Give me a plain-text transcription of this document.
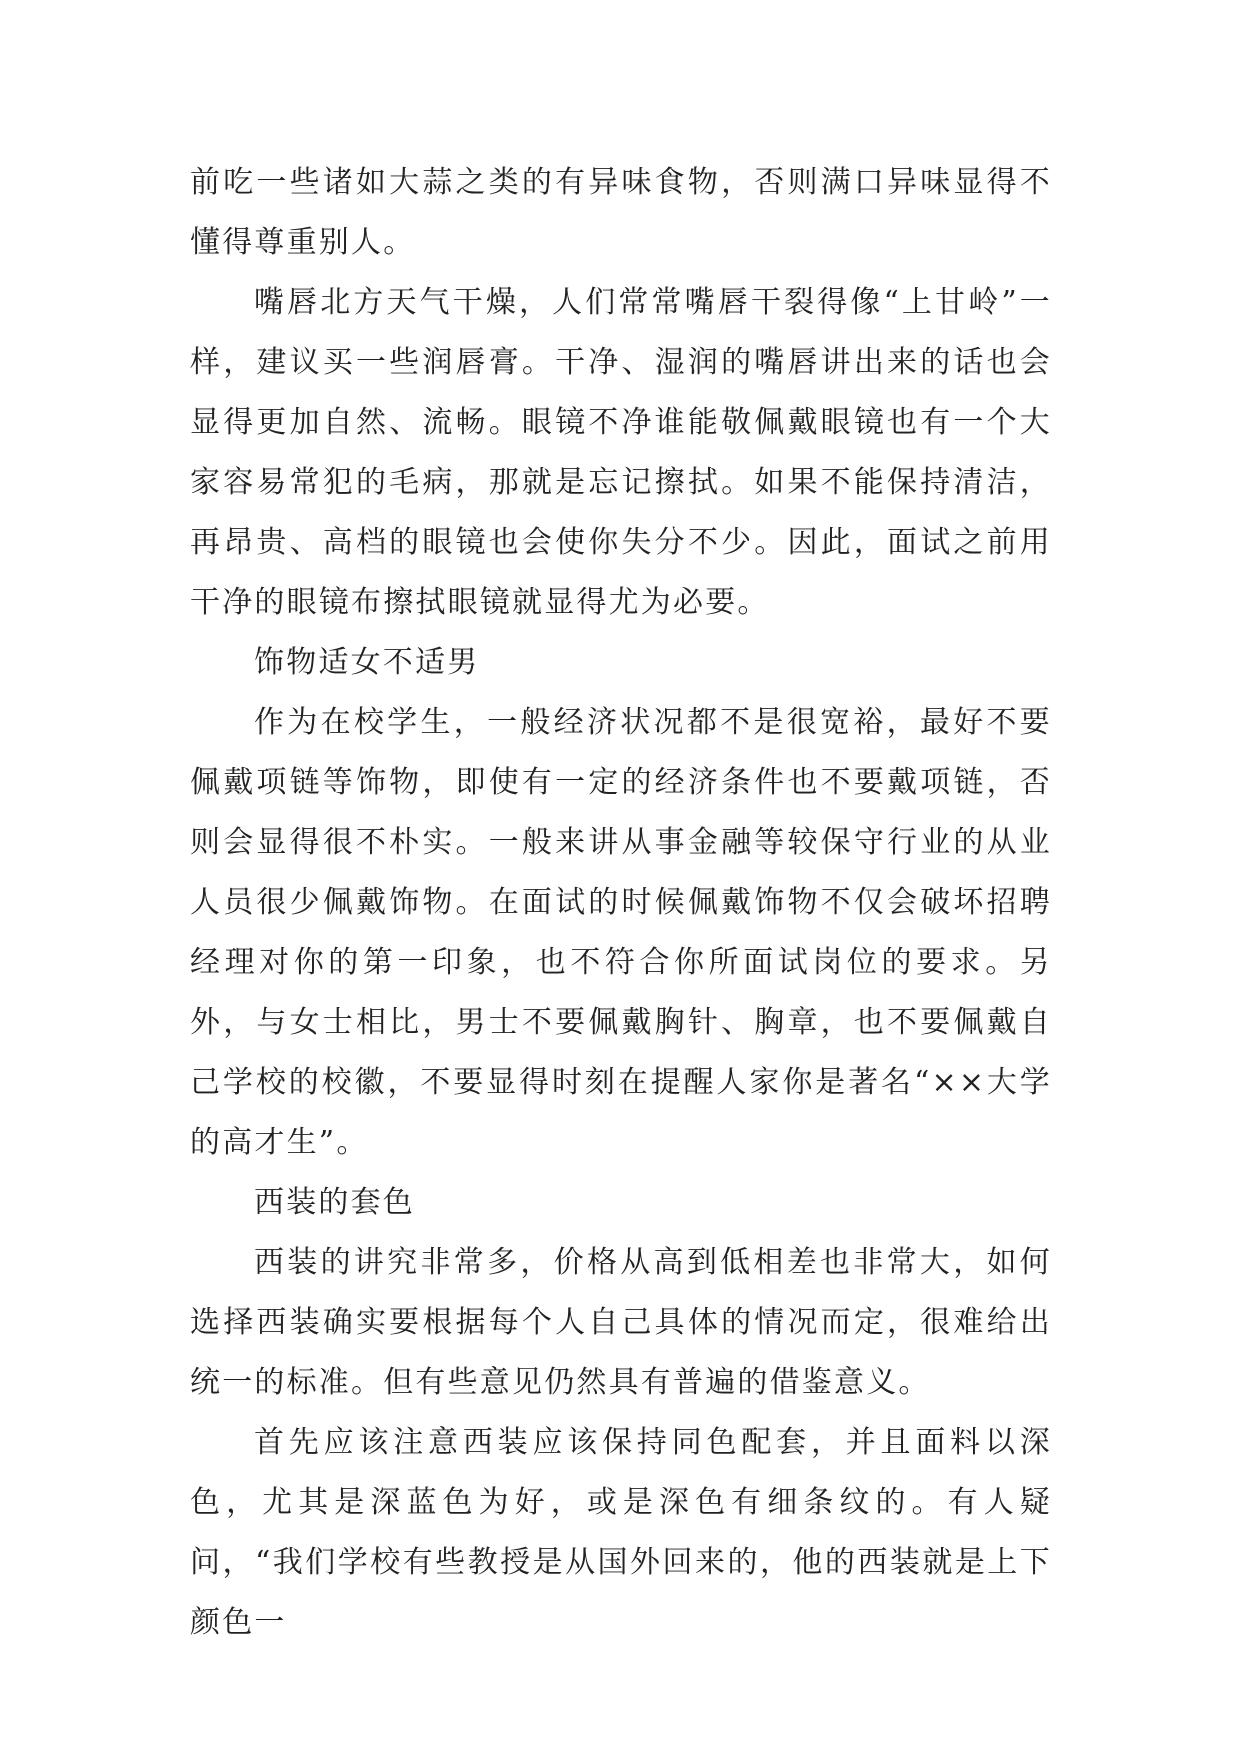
前吃一些诸如大蒜之类的有异味食物，否则满口异味显得不懂得尊重别人。

嘴唇北方天气干燥，人们常常嘴唇干裂得像“上甘岭”一样，建议买一些润唇膏。干净、湿润的嘴唇讲出来的话也会显得更加自然、流畅。眼镜不净谁能敬佩戴眼镜也有一个大家容易常犯的毛病，那就是忘记擦拭。如果不能保持清洁，再昂贵、高档的眼镜也会使你失分不少。因此，面试之前用干净的眼镜布擦拭眼镜就显得尤为必要。

饰物适女不适男

作为在校学生，一般经济状况都不是很宽裕，最好不要佩戴项链等饰物，即使有一定的经济条件也不要戴项链，否则会显得很不朴实。一般来讲从事金融等较保守行业的从业人员很少佩戴饰物。在面试的时候佩戴饰物不仅会破坏招聘经理对你的第一印象，也不符合你所面试岗位的要求。另外，与女士相比，男士不要佩戴胸针、胸章，也不要佩戴自己学校的校徽，不要显得时刻在提醒人家你是著名“××大学的高才生”。

西装的套色

西装的讲究非常多，价格从高到低相差也非常大，如何选择西装确实要根据每个人自己具体的情况而定，很难给出统一的标准。但有些意见仍然具有普遍的借鉴意义。

首先应该注意西装应该保持同色配套，并且面料以深色，尤其是深蓝色为好，或是深色有细条纹的。有人疑问，“我们学校有些教授是从国外回来的，他的西装就是上下颜色一
